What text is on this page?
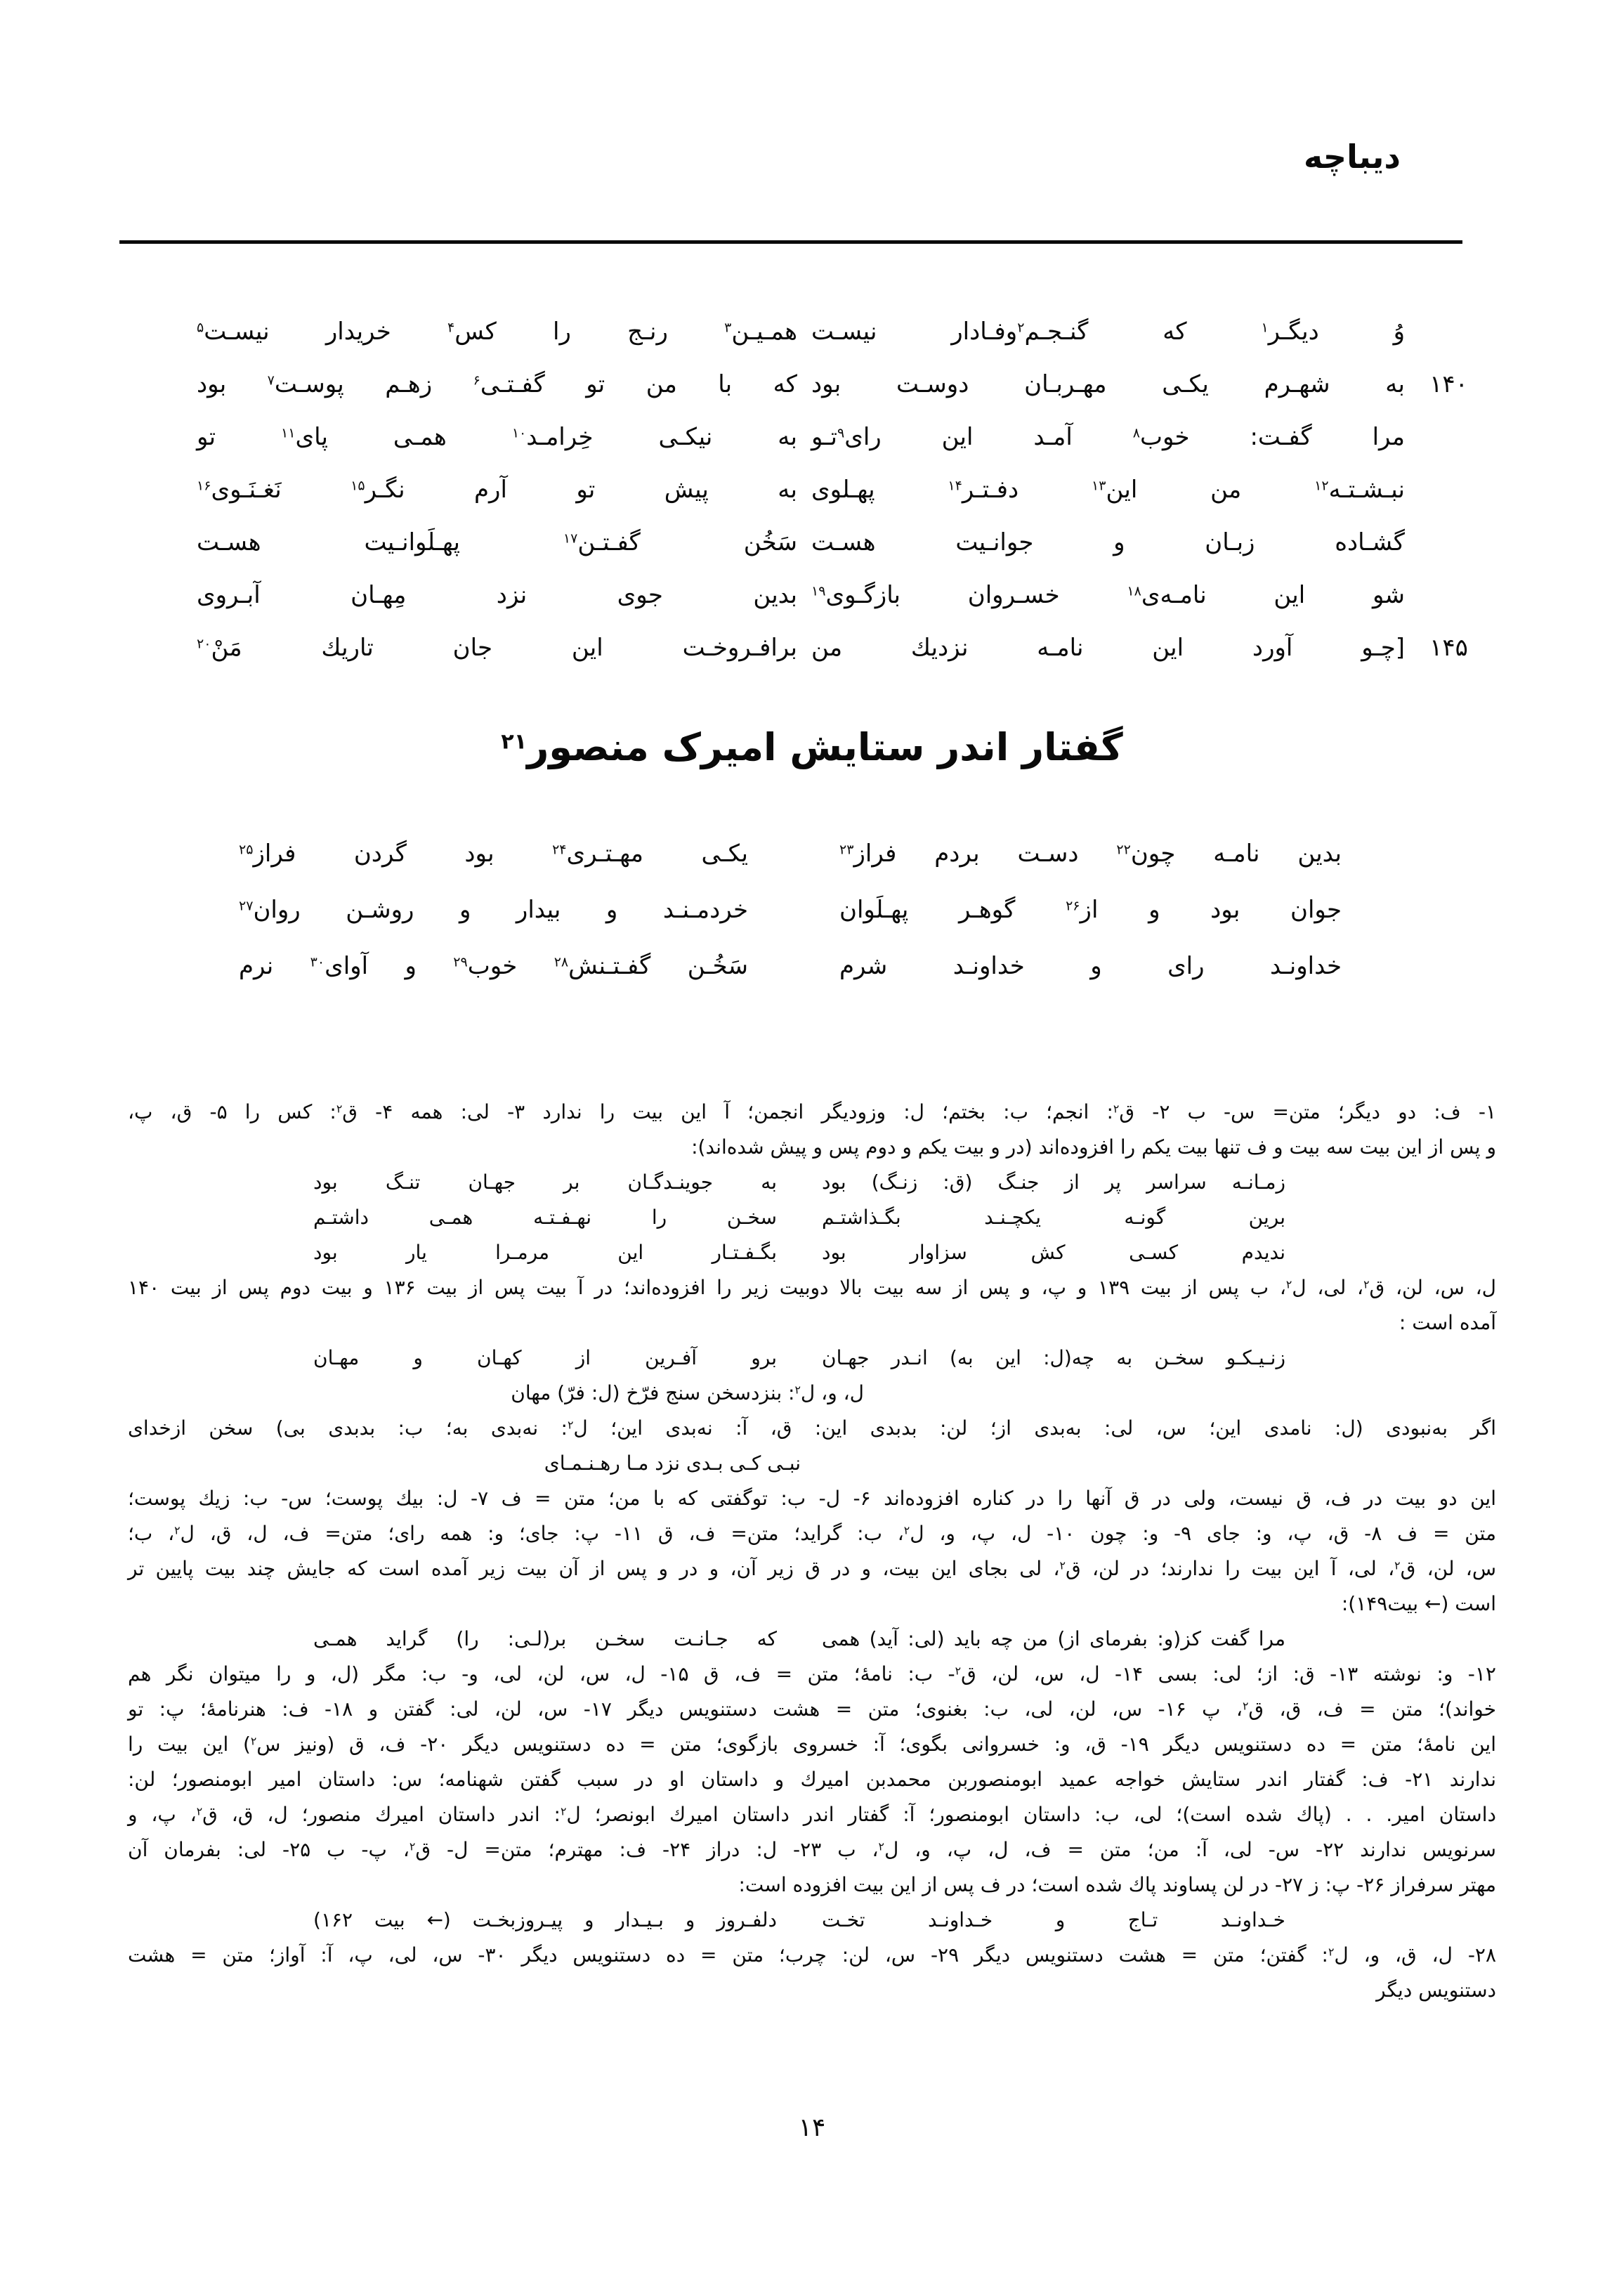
دیباچه
وُ دیگـر$^۱$ که گنـجـم$^۲$وفـادار نیسـت
همـیـن$^۳$ رنـج را کس$^۴$ خریدار نیسـت$^۵$
۱۴۰
به شهـرم یکـی مهـربـان دوسـت بود
که با من تو گفـتـی$^۶$ زهـم پوسـت$^۷$ بود
مرا گفـت: خوب$^۸$ آمـد این رای$^۹$تـو
به نیکـی خِرامـد$^{۱۰}$ همـی پای$^{۱۱}$ تو
نبـشـتـه$^{۱۲}$ من این$^{۱۳}$ دفـتـر$^{۱۴}$ پهـلوی
به پیش تو آرم نگـر$^{۱۵}$ نَغـنَـوی$^{۱۶}$
گشـاده زبـان و جوانـیت هسـت
سَخُن گفـتـن$^{۱۷}$ پهـلَوانـیت هسـت
شو این نامـه‌ی$^{۱۸}$ خسـروان بازگـوی$^{۱۹}$
بدین جوی نزد مِهـان آبـروی
۱۴۵
[چـو آورد این نامـه نزدیك من
برافـروخـت این جان تاریك مَنْ$^{۲۰}$
گفتار اندر ستایش امیرک منصور$^{۲۱}$
بدین نامـه چون$^{۲۲}$ دسـت بردم فراز$^{۲۳}$
یکـی مهـتـری$^{۲۴}$ بود گردن فراز$^{۲۵}$
جوان بود و از$^{۲۶}$ گوهـر پهـلَوان
خردمـنـد و بیدار و روشـن روان$^{۲۷}$
خداونـد رای و خداونـد شرم
سَخُـن گفـتـنش$^{۲۸}$ خوب$^{۲۹}$ و آوای$^{۳۰}$ نرم
۱- ف: دو دیگر؛ متن= س- ب ۲- ق$^۲$: انجم؛ ب: بختم؛ ل: وزودیگر انجمن؛ آ این بیت را ندارد ۳- لی: همه ۴- ق$^۲$: کس را ۵- ق، پ،
و پس از این بیت سه بیت و ف تنها بیت یکم را افزوده‌اند (در و بیت یکم و دوم پس و پیش شده‌اند):
زمـانـه سراسر پر از جنـگ (ق: زنـگ) بود
به جوینـدگـان بر جهـان تنـگ بود
برین گونـه یكچـنـد بگـذاشتـم
سخـن را نهـفـتـه همـی داشتـم
ندیدم کسـی کش سزاوار بود
بگـفـتـار این مرمـرا یار بود
ل، س، لن، ق$^۲$، لی، ل$^۲$، ب پس از بیت ۱۳۹ و پ، و پس از سه بیت بالا دوبیت زیر را افزوده‌اند؛ در آ بیت پس از بیت ۱۳۶ و بیت دوم پس از بیت ۱۴۰
آمده است :
زنـیـکـو سخـن به چه(ل: این به) انـدر جهـان
برو آفـرین از کهـان و مهـان
ل، و، ل$^۲$: بنزدسخن سنج فرّخ (ل: فرّ) مهان
اگر به‌نبودی (ل: نامدی این؛ س، لی: به‌بدی از؛ لن: بدبدی این: ق، آ: نه‌بدی این؛ ل$^۲$: نه‌بدی به؛ ب: بدبدی بی) سخن ازخدای
نبـی کـی بـدی نزد مـا رهـنـمـای
این دو بیت در ف، ق نیست، ولی در ق آنها را در کناره افزوده‌اند ۶- ل- ب: توگفتی که با من؛ متن = ف ۷- ل: بیك پوست؛ س- ب: زیك پوست؛
متن = ف ۸- ق، پ، و: جای ۹- و: چون ۱۰- ل، پ، و، ل$^۲$، ب: گراید؛ متن= ف، ق ۱۱- پ: جای؛ و: همه رای؛ متن= ف، ل، ق، ل$^۲$، ب؛
س، لن، ق$^۲$، لی، آ این بیت را ندارند؛ در لن، ق$^۲$، لی بجای این بیت، و در ق زیر آن، و در و پس از آن بیت زیر آمده است که جایش چند بیت پایین تر
است (← بیت۱۴۹):
مرا گفت کز(و: بفرمای از) من چه باید (لی: آید) همی
که جـانـت سخـن بر(لـی: را) گراید همـی
۱۲- و: نوشته ۱۳- ق: از؛ لی: بسی ۱۴- ل، س، لن، ق$^۲$- ب: نامهٔ؛ متن = ف، ق ۱۵- ل، س، لن، لی، و- ب: مگر (ل، و را میتوان نگر هم
خواند)؛ متن = ف، ق، ق$^۲$، پ ۱۶- س، لن، لی، ب: بغنوی؛ متن = هشت دستنویس دیگر ۱۷- س، لن، لی: گفتن و ۱۸- ف: هنرنامهٔ؛ پ: تو
این نامهٔ؛ متن = ده دستنویس دیگر ۱۹- ق، و: خسروانی بگوی؛ آ: خسروی بازگوی؛ متن = ده دستنویس دیگر ۲۰- ف، ق (ونیز س$^۲$) این بیت را
ندارند ۲۱- ف: گفتار اندر ستایش خواجه عمید ابومنصوربن محمدبن امیرك و داستان او در سبب گفتن شهنامه؛ س: داستان امیر ابومنصور؛ لن:
داستان امیر. . . (پاك شده است)؛ لی، ب: داستان ابومنصور؛ آ: گفتار اندر داستان امیرك ابونصر؛ ل$^۲$: اندر داستان امیرك منصور؛ ل، ق، ق$^۲$، پ، و
سرنویس ندارند ۲۲- س- لی، آ: من؛ متن = ف، ل، پ، و، ل$^۲$، ب ۲۳- ل: دراز ۲۴- ف: مهترم؛ متن= ل- ق$^۲$، پ- ب ۲۵- لی: بفرمان آن
مهتر سرفراز ۲۶- پ: ز ۲۷- در لن پساوند پاك شده است؛ در ف پس از این بیت افزوده است:
خـداونـد تـاج و خـداونـد تخـت
دلفـروز و بـیـدار و پیـروزبخـت (← بیت ۱۶۲)
۲۸- ل، ق، و، ل$^۲$: گفتن؛ متن = هشت دستنویس دیگر ۲۹- س، لن: چرب؛ متن = ده دستنویس دیگر ۳۰- س، لی، پ، آ: آواز؛ متن = هشت
دستنویس دیگر
۱۴
